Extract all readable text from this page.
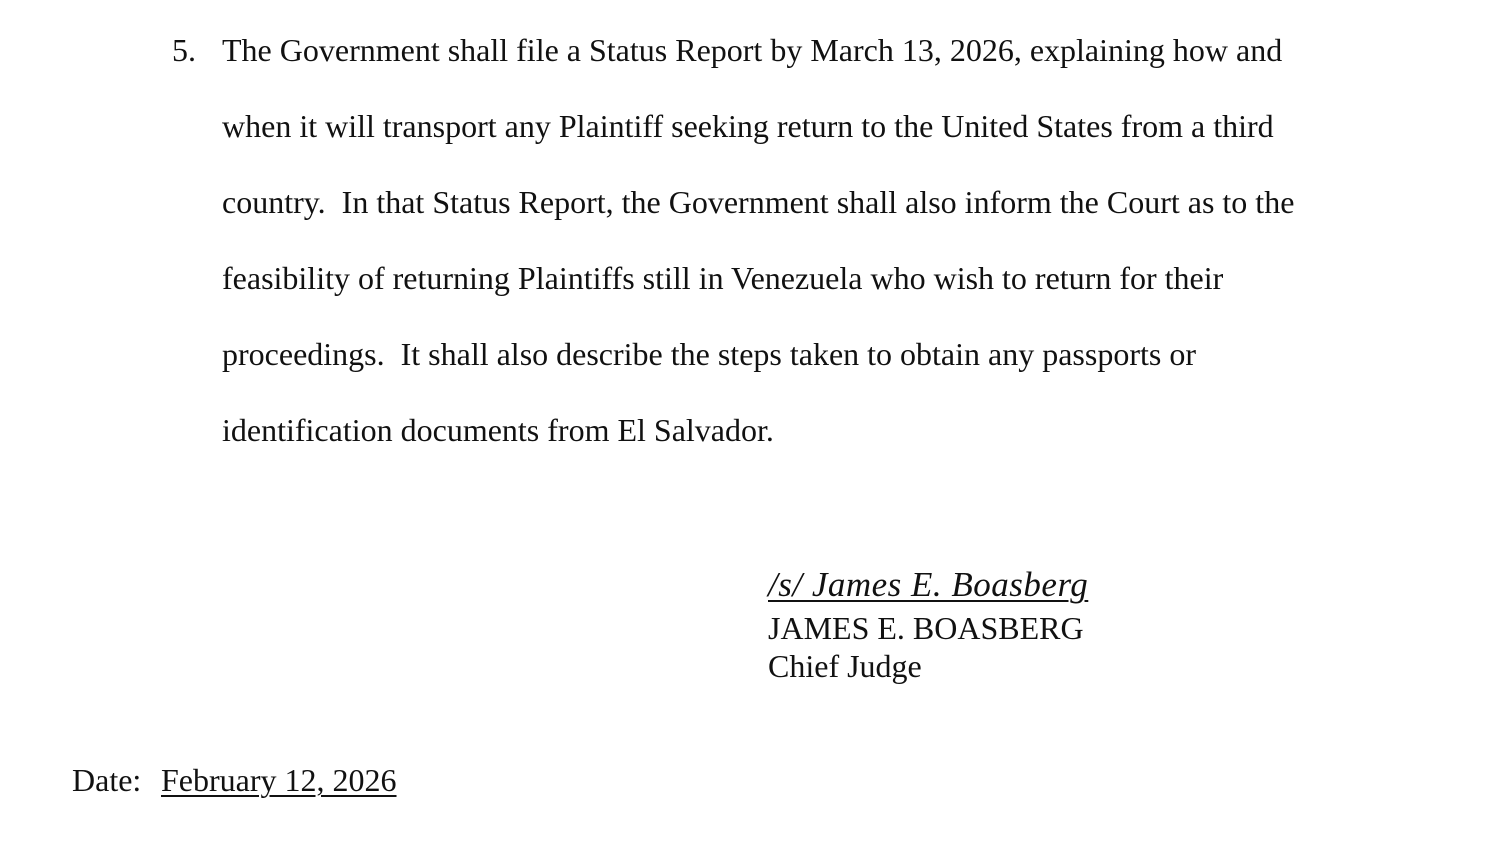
5. The Government shall file a Status Report by March 13, 2026, explaining how and
when it will transport any Plaintiff seeking return to the United States from a third
country.  In that Status Report, the Government shall also inform the Court as to the
feasibility of returning Plaintiffs still in Venezuela who wish to return for their
proceedings.  It shall also describe the steps taken to obtain any passports or
identification documents from El Salvador.
/s/ James E. Boasberg
JAMES E. BOASBERG
Chief Judge
Date: February 12, 2026
